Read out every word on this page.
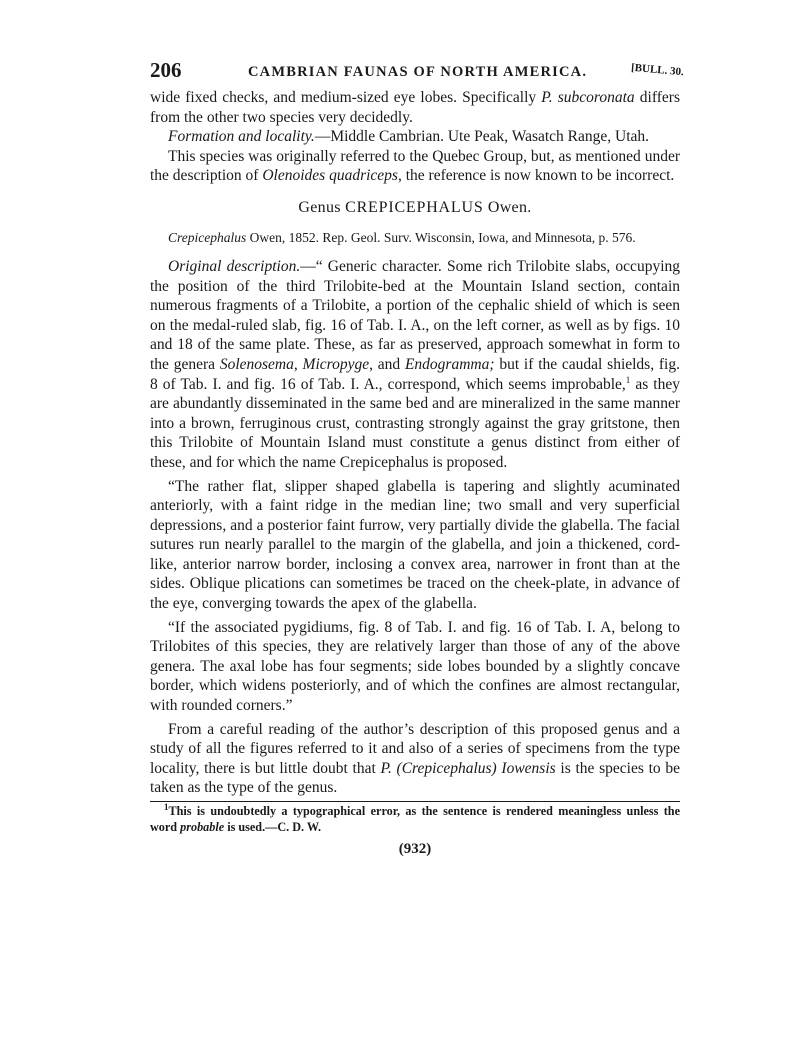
206	CAMBRIAN FAUNAS OF NORTH AMERICA.	[BULL. 30.

wide fixed checks, and medium-sized eye lobes. Specifically P. subcoronata differs from the other two species very decidedly.

Formation and locality.—Middle Cambrian. Ute Peak, Wasatch Range, Utah.

This species was originally referred to the Quebec Group, but, as mentioned under the description of Olenoides quadriceps, the reference is now known to be incorrect.

Genus CREPICEPHALUS Owen.

Crepicephalus Owen, 1852. Rep. Geol. Surv. Wisconsin, Iowa, and Minnesota, p. 576.

Original description.—“ Generic character. Some rich Trilobite slabs, occupying the position of the third Trilobite-bed at the Mountain Island section, contain numerous fragments of a Trilobite, a portion of the cephalic shield of which is seen on the medal-ruled slab, fig. 16 of Tab. I. A., on the left corner, as well as by figs. 10 and 18 of the same plate. These, as far as preserved, approach somewhat in form to the genera Solenosema, Micropyge, and Endogramma; but if the caudal shields, fig. 8 of Tab. I. and fig. 16 of Tab. I. A., correspond, which seems improbable,$^1$ as they are abundantly disseminated in the same bed and are mineralized in the same manner into a brown, ferruginous crust, contrasting strongly against the gray gritstone, then this Trilobite of Mountain Island must constitute a genus distinct from either of these, and for which the name Crepicephalus is proposed.

“The rather flat, slipper shaped glabella is tapering and slightly acuminated anteriorly, with a faint ridge in the median line; two small and very superficial depressions, and a posterior faint furrow, very partially divide the glabella. The facial sutures run nearly parallel to the margin of the glabella, and join a thickened, cord-like, anterior narrow border, inclosing a convex area, narrower in front than at the sides. Oblique plications can sometimes be traced on the cheek-plate, in advance of the eye, converging towards the apex of the glabella.

“If the associated pygidiums, fig. 8 of Tab. I. and fig. 16 of Tab. I. A, belong to Trilobites of this species, they are relatively larger than those of any of the above genera. The axal lobe has four segments; side lobes bounded by a slightly concave border, which widens posteriorly, and of which the confines are almost rectangular, with rounded corners.”

From a careful reading of the author’s description of this proposed genus and a study of all the figures referred to it and also of a series of specimens from the type locality, there is but little doubt that P. (Crepicephalus) Iowensis is the species to be taken as the type of the genus.

$^1$This is undoubtedly a typographical error, as the sentence is rendered meaningless unless the word probable is used.—C. D. W.

(932)
